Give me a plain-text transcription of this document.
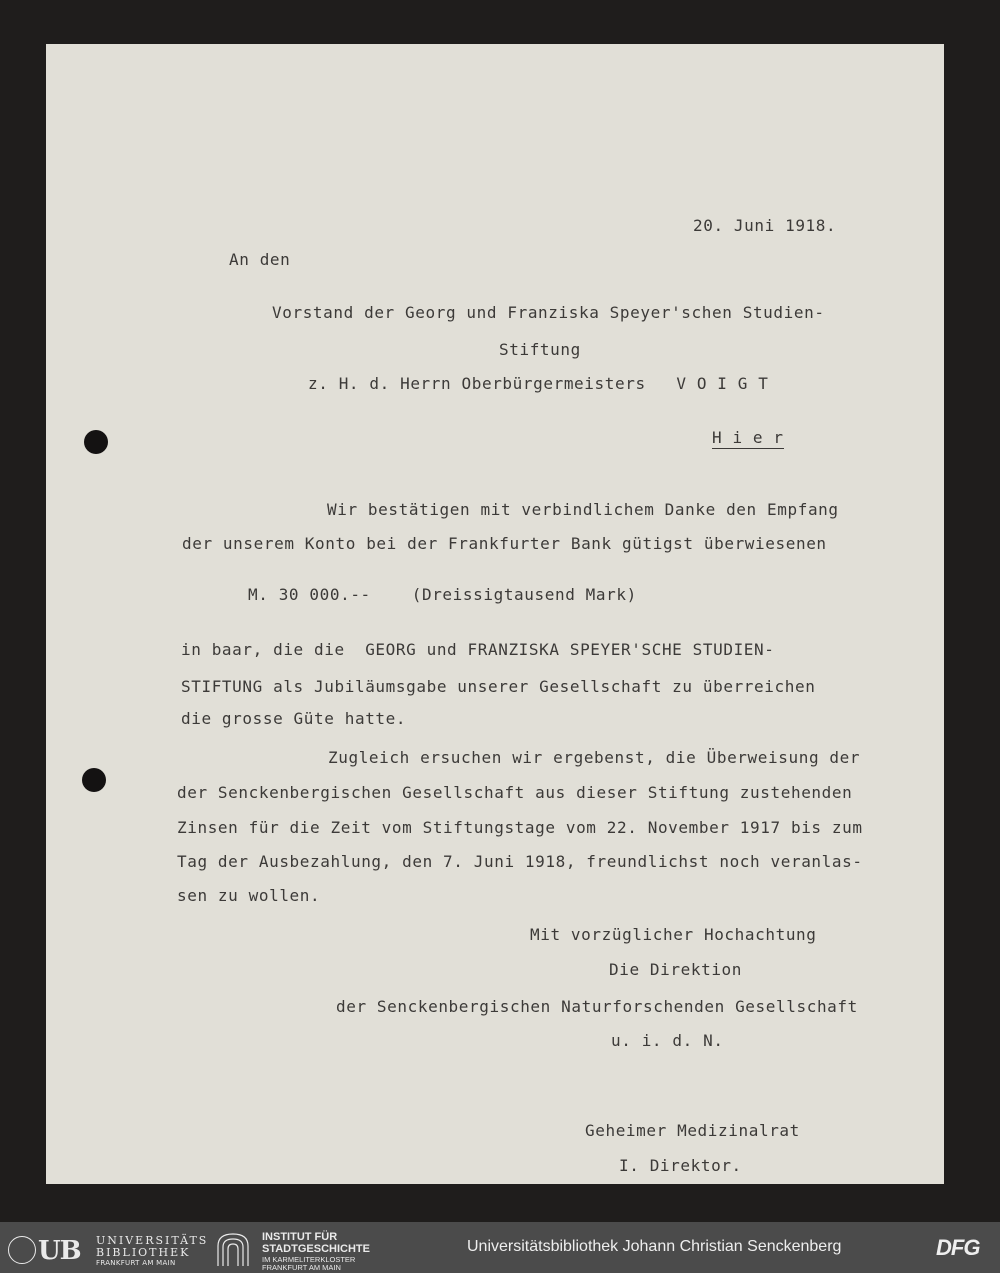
20. Juni 1918.
An den
Vorstand der Georg und Franziska Speyer'schen Studien-
Stiftung
z. H. d. Herrn Oberbürgermeisters   V O I G T
H i e r
Wir bestätigen mit verbindlichem Danke den Empfang
der unserem Konto bei der Frankfurter Bank gütigst überwiesenen
M. 30 000.--    (Dreissigtausend Mark)
in baar, die die  GEORG und FRANZISKA SPEYER'SCHE STUDIEN-
STIFTUNG als Jubiläumsgabe unserer Gesellschaft zu überreichen
die grosse Güte hatte.
Zugleich ersuchen wir ergebenst, die Überweisung der
der Senckenbergischen Gesellschaft aus dieser Stiftung zustehenden
Zinsen für die Zeit vom Stiftungstage vom 22. November 1917 bis zum
Tag der Ausbezahlung, den 7. Juni 1918, freundlichst noch veranlas-
sen zu wollen.
Mit vorzüglicher Hochachtung
Die Direktion
der Senckenbergischen Naturforschenden Gesellschaft
u. i. d. N.
Geheimer Medizinalrat
I. Direktor.
UB UNIVERSITÄTS
BIBLIOTHEK
FRANKFURT AM MAIN
INSTITUT FÜR
STADTGESCHICHTE
IM KARMELITERKLOSTER
FRANKFURT AM MAIN
Universitätsbibliothek Johann Christian Senckenberg	DFG
